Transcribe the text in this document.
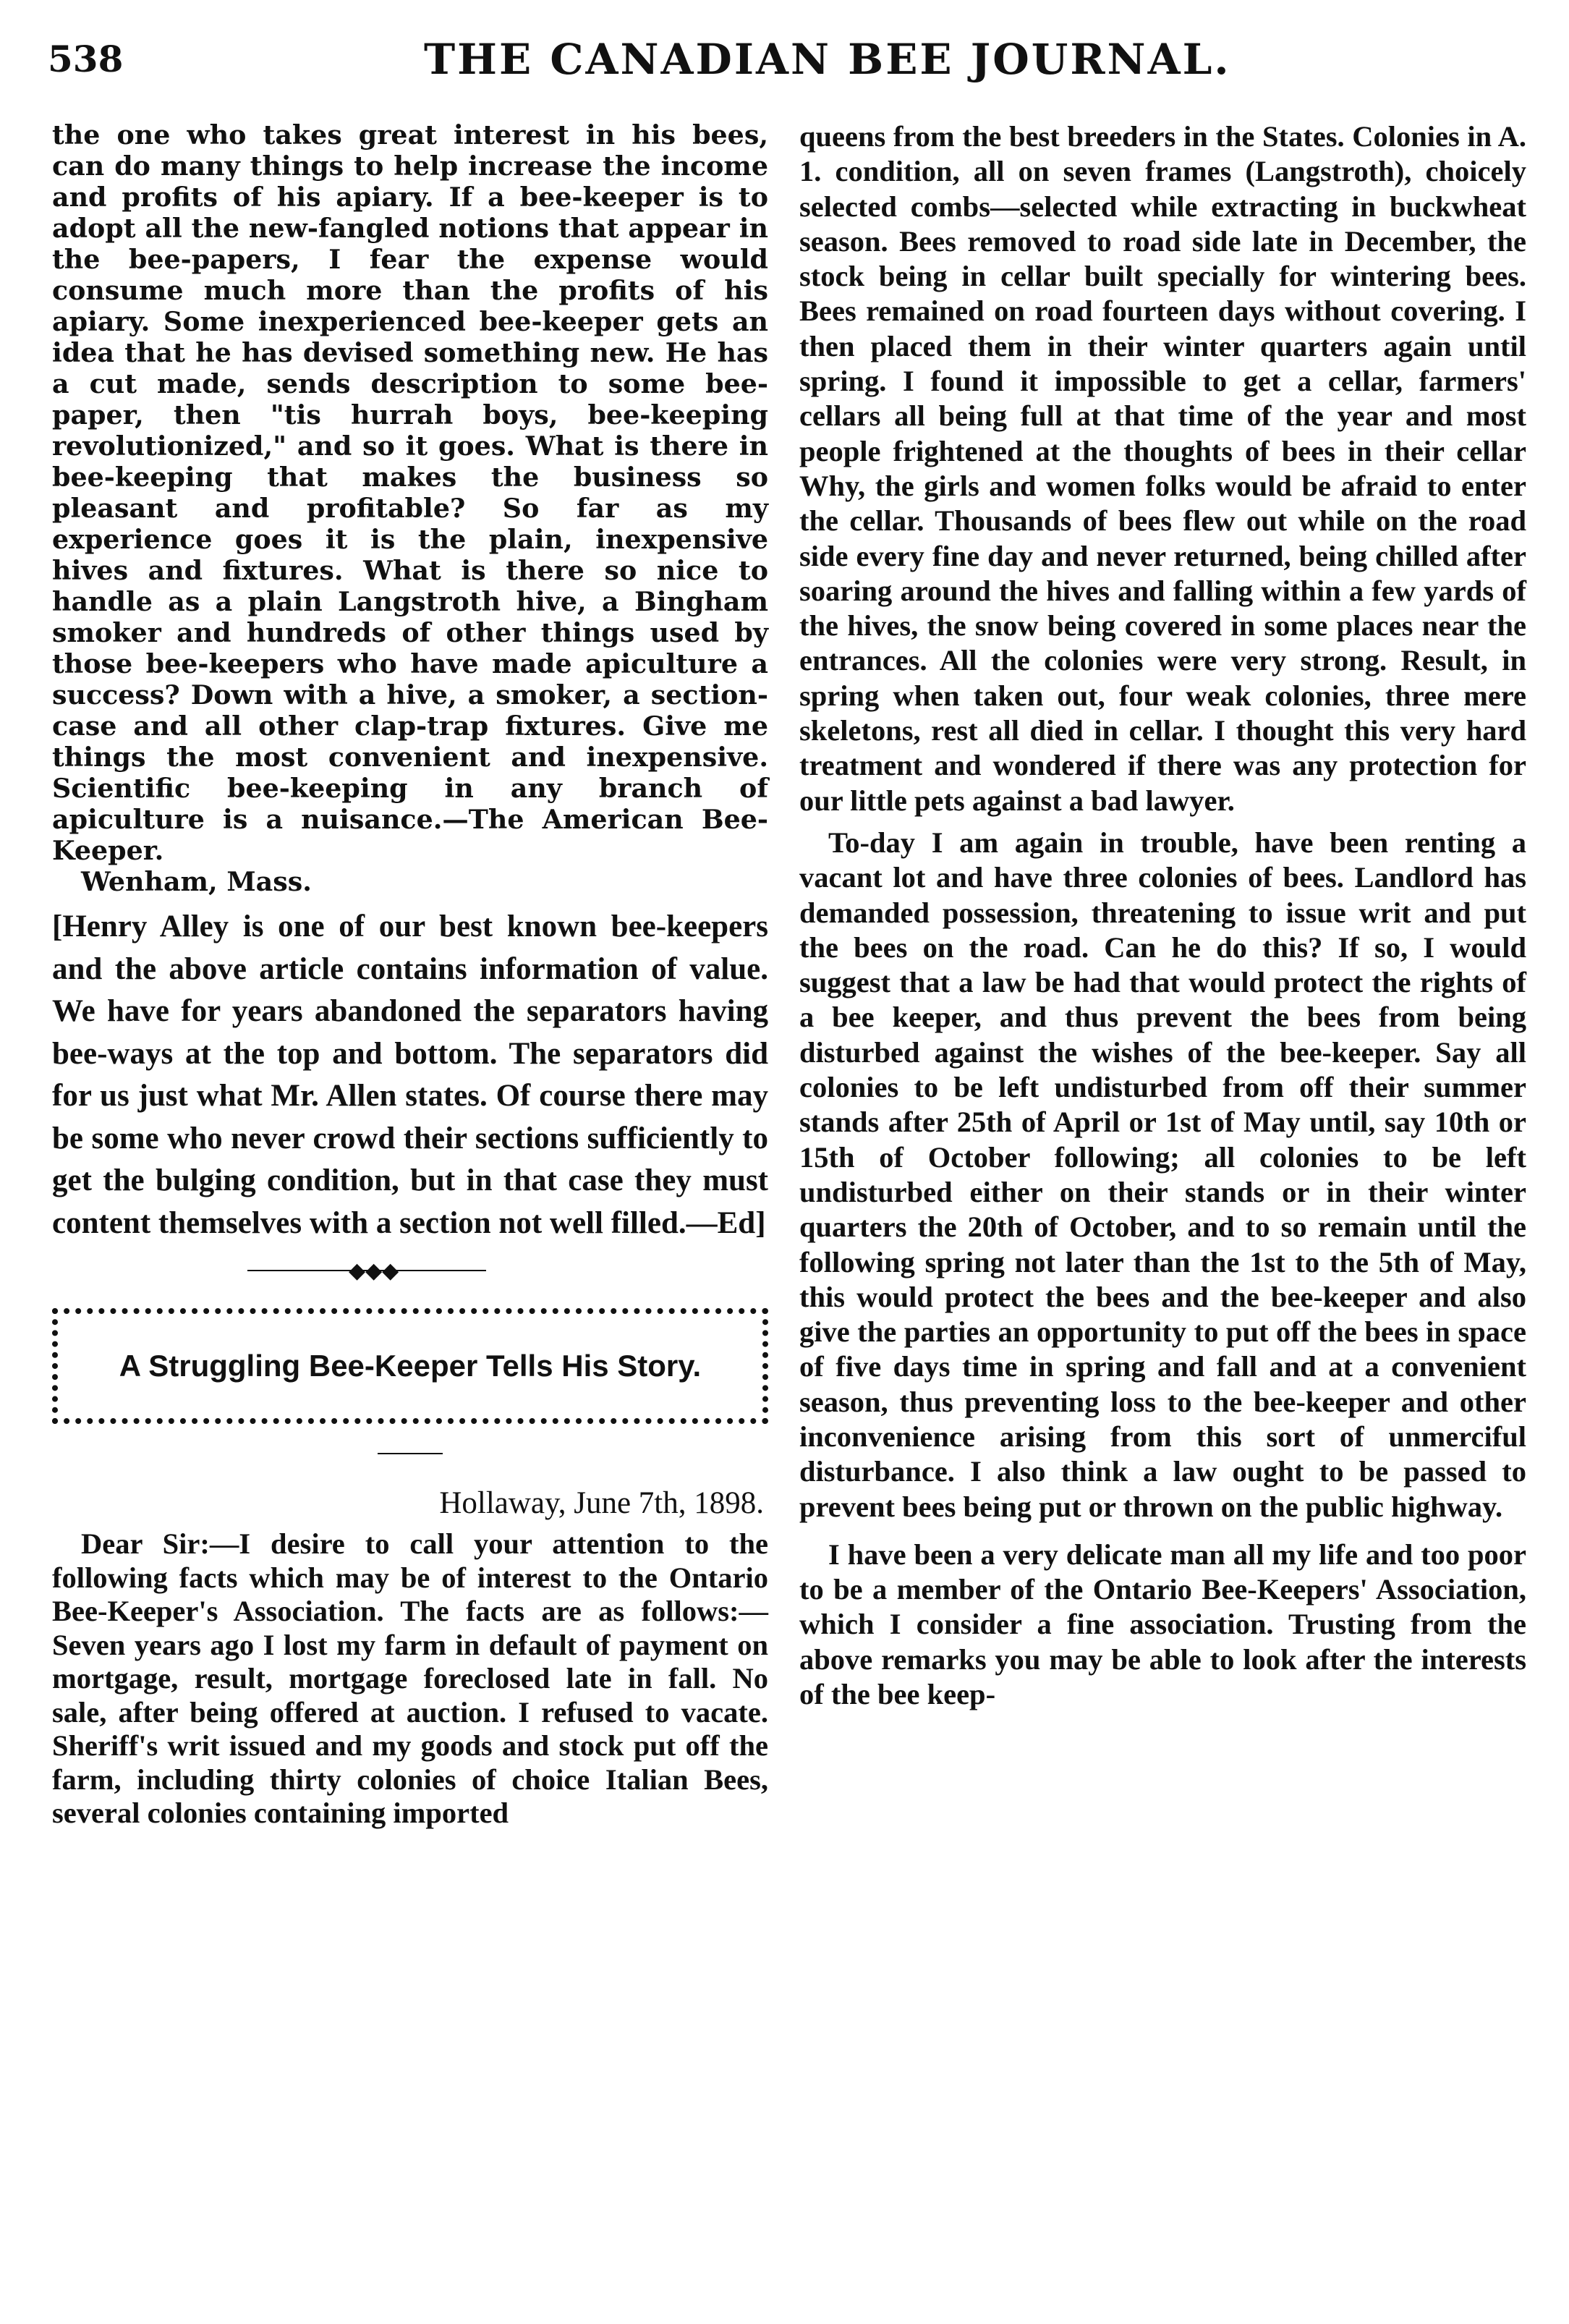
538	THE CANADIAN BEE JOURNAL.

the one who takes great interest in his bees, can do many things to help increase the income and profits of his apiary. If a bee-keeper is to adopt all the new-fangled notions that appear in the bee-papers, I fear the expense would consume much more than the profits of his apiary. Some inexperienced bee-keeper gets an idea that he has devised something new. He has a cut made, sends description to some bee-paper, then "tis hurrah boys, bee-keeping revolutionized," and so it goes. What is there in bee-keeping that makes the business so pleasant and profitable? So far as my experience goes it is the plain, inexpensive hives and fixtures. What is there so nice to handle as a plain Langstroth hive, a Bingham smoker and hundreds of other things used by those bee-keepers who have made apiculture a success? Down with a hive, a smoker, a section-case and all other clap-trap fixtures. Give me things the most convenient and inexpensive. Scientific bee-keeping in any branch of apiculture is a nuisance.—The American Bee-Keeper.

Wenham, Mass.

[Henry Alley is one of our best known bee-keepers and the above article contains information of value. We have for years abandoned the separators having bee-ways at the top and bottom. The separators did for us just what Mr. Allen states. Of course there may be some who never crowd their sections sufficiently to get the bulging condition, but in that case they must content themselves with a section not well filled.—Ed]

◆◆◆
A Struggling Bee-Keeper Tells His Story.

Hollaway, June 7th, 1898.

Dear Sir:—I desire to call your attention to the following facts which may be of interest to the Ontario Bee-Keeper's Association. The facts are as follows:— Seven years ago I lost my farm in default of payment on mortgage, result, mortgage foreclosed late in fall. No sale, after being offered at auction. I refused to vacate. Sheriff's writ issued and my goods and stock put off the farm, including thirty colonies of choice Italian Bees, several colonies containing imported

queens from the best breeders in the States. Colonies in A. 1. condition, all on seven frames (Langstroth), choicely selected combs—selected while extracting in buckwheat season. Bees removed to road side late in December, the stock being in cellar built specially for wintering bees. Bees remained on road fourteen days without covering. I then placed them in their winter quarters again until spring. I found it impossible to get a cellar, farmers' cellars all being full at that time of the year and most people frightened at the thoughts of bees in their cellar Why, the girls and women folks would be afraid to enter the cellar. Thousands of bees flew out while on the road side every fine day and never returned, being chilled after soaring around the hives and falling within a few yards of the hives, the snow being covered in some places near the entrances. All the colonies were very strong. Result, in spring when taken out, four weak colonies, three mere skeletons, rest all died in cellar. I thought this very hard treatment and wondered if there was any protection for our little pets against a bad lawyer.

To-day I am again in trouble, have been renting a vacant lot and have three colonies of bees. Landlord has demanded possession, threatening to issue writ and put the bees on the road. Can he do this? If so, I would suggest that a law be had that would protect the rights of a bee keeper, and thus prevent the bees from being disturbed against the wishes of the bee-keeper. Say all colonies to be left undisturbed from off their summer stands after 25th of April or 1st of May until, say 10th or 15th of October following; all colonies to be left undisturbed either on their stands or in their winter quarters the 20th of October, and to so remain until the following spring not later than the 1st to the 5th of May, this would protect the bees and the bee-keeper and also give the parties an opportunity to put off the bees in space of five days time in spring and fall and at a convenient season, thus preventing loss to the bee-keeper and other inconvenience arising from this sort of unmerciful disturbance. I also think a law ought to be passed to prevent bees being put or thrown on the public highway.

I have been a very delicate man all my life and too poor to be a member of the Ontario Bee-Keepers' Association, which I consider a fine association. Trusting from the above remarks you may be able to look after the interests of the bee keep-
